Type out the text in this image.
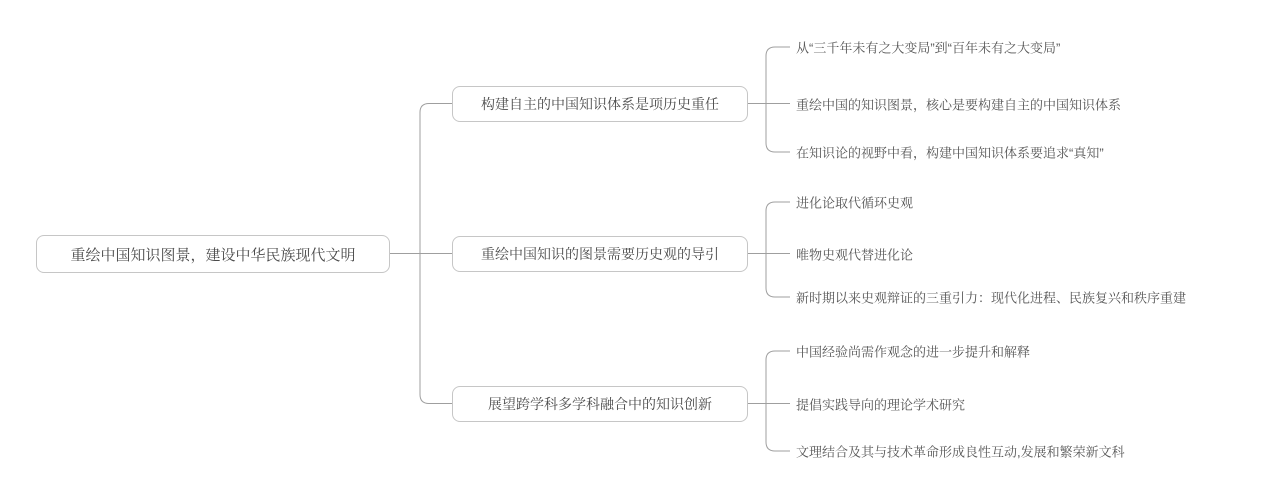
重绘中国知识图景，建设中华民族现代文明
构建自主的中国知识体系是项历史重任
重绘中国知识的图景需要历史观的导引
展望跨学科多学科融合中的知识创新
从“三千年未有之大变局”到“百年未有之大变局”
重绘中国的知识图景，核心是要构建自主的中国知识体系
在知识论的视野中看，构建中国知识体系要追求“真知”
进化论取代循环史观
唯物史观代替进化论
新时期以来史观辩证的三重引力：现代化进程、民族复兴和秩序重建
中国经验尚需作观念的进一步提升和解释
提倡实践导向的理论学术研究
文理结合及其与技术革命形成良性互动,发展和繁荣新文科
